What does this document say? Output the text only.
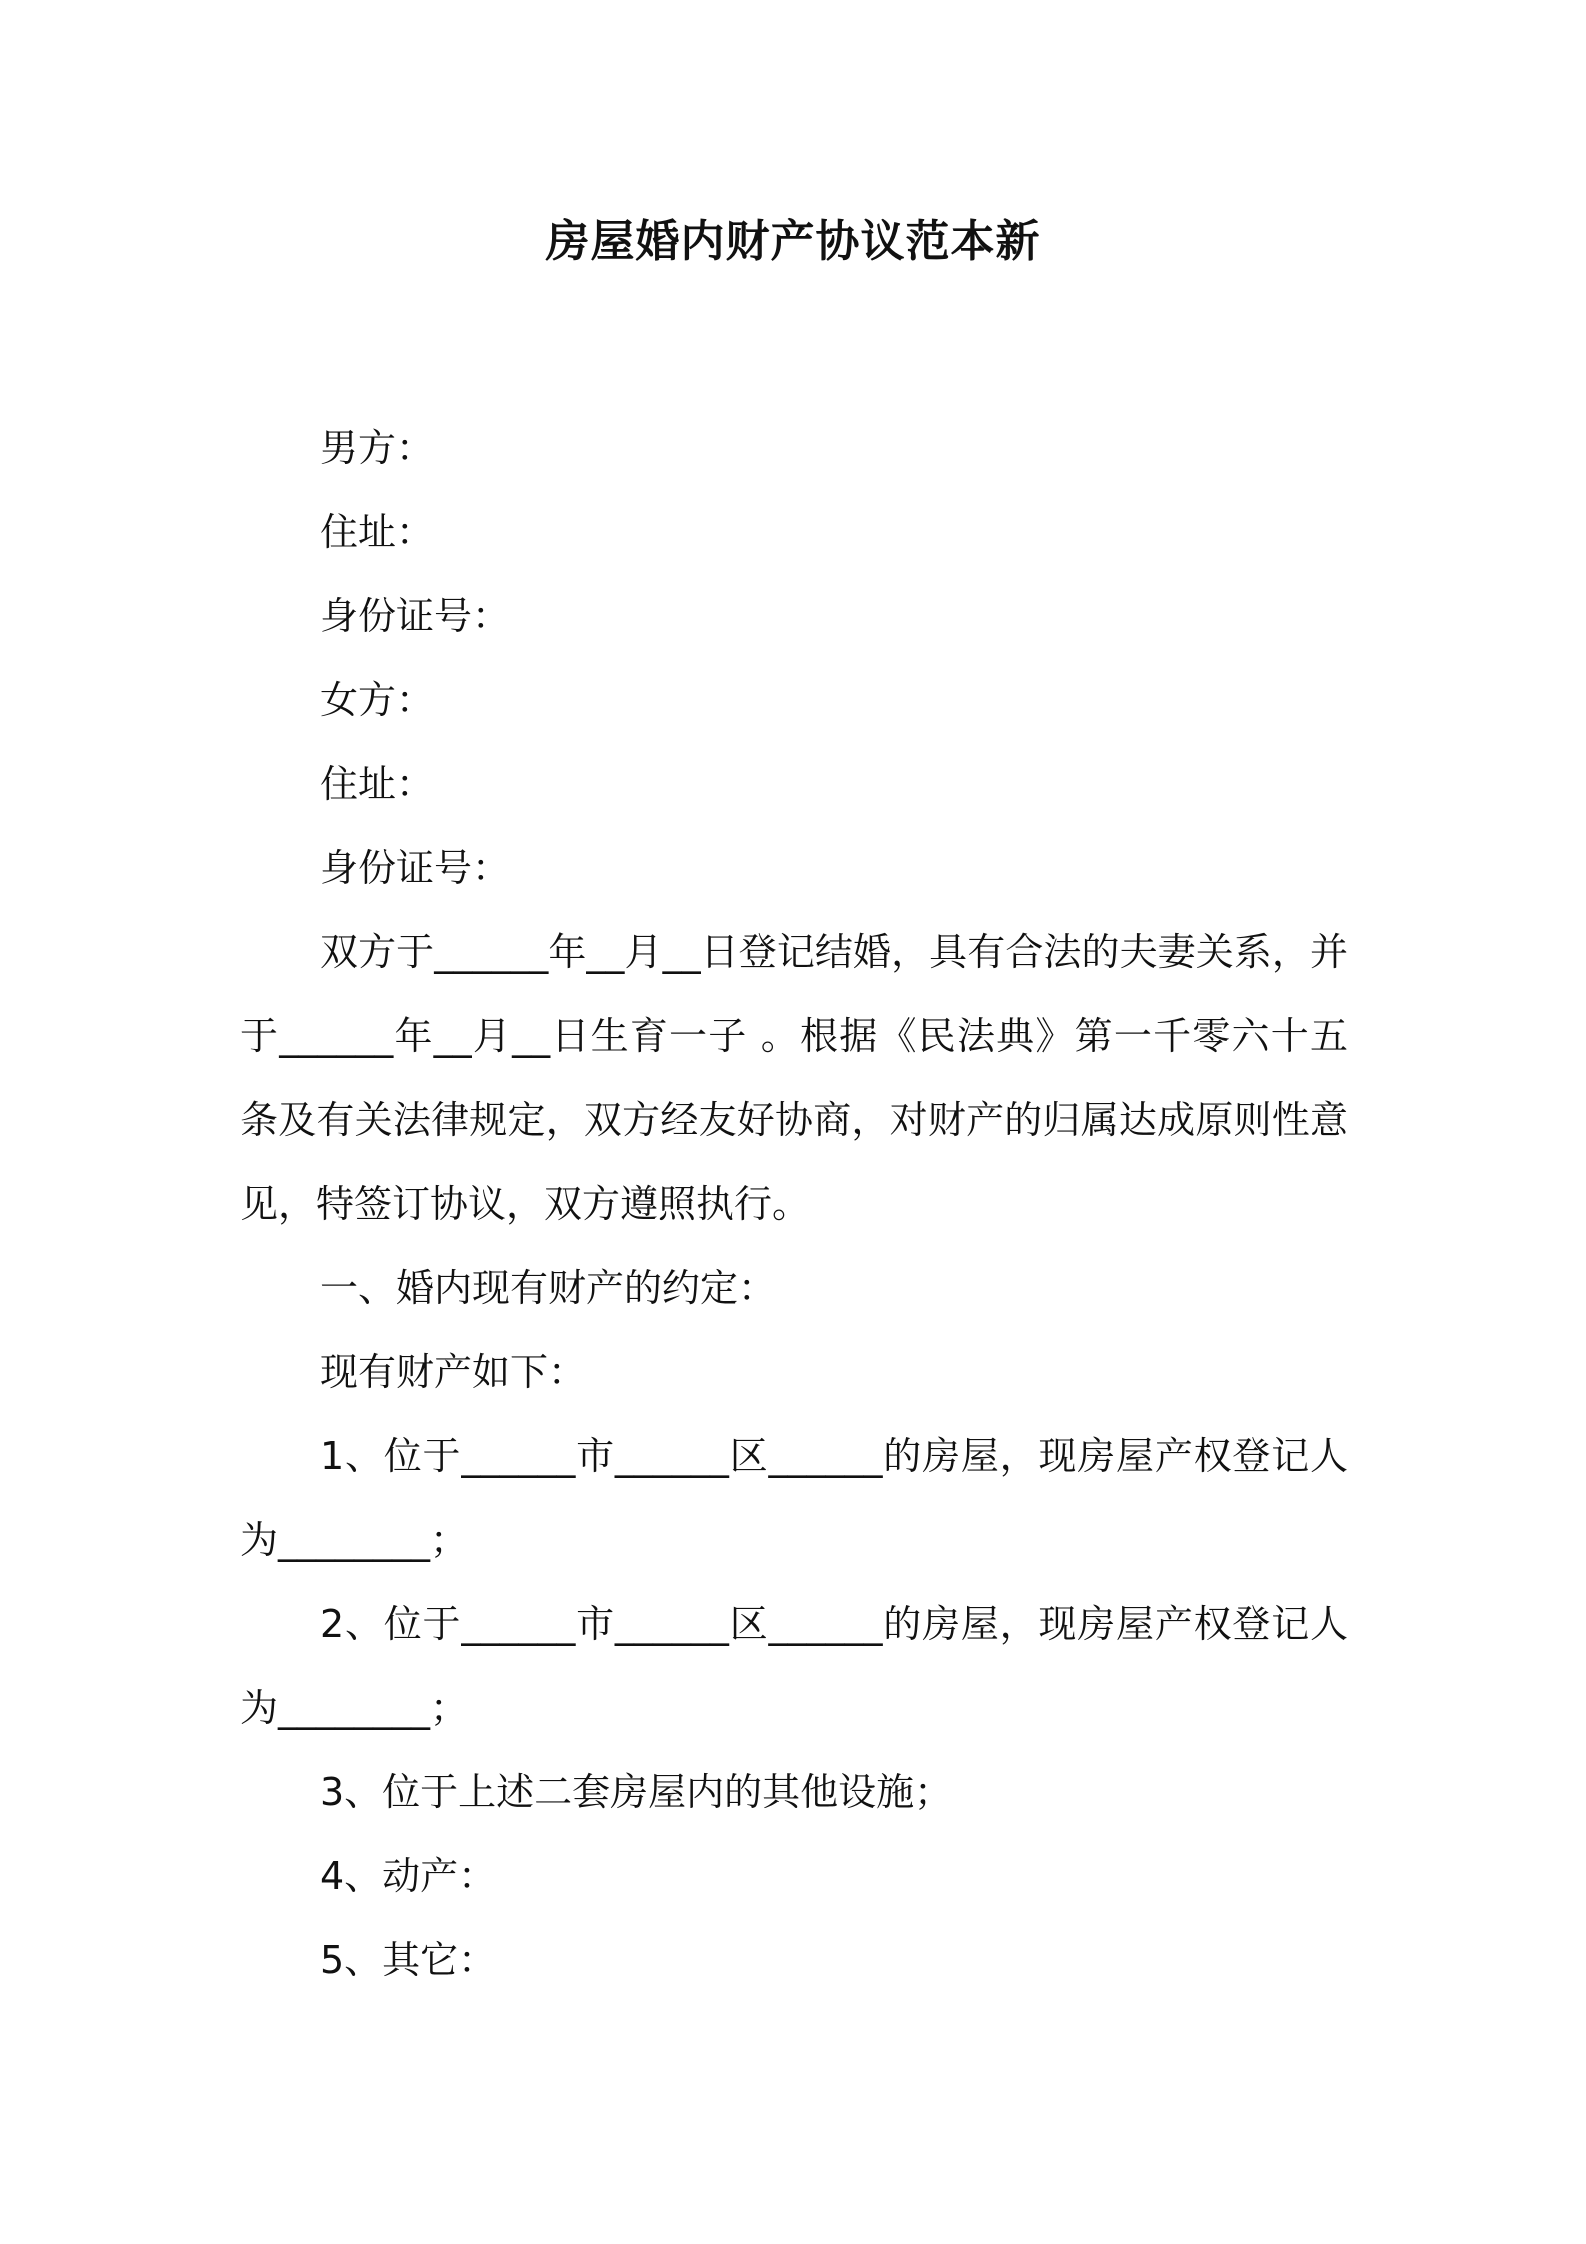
房屋婚内财产协议范本新

男方：

住址：

身份证号：

女方：

住址：

身份证号：

双方于______年__月__日登记结婚，具有合法的夫妻关系，并于______年__月__日生育一子 。根据《民法典》第一千零六十五条及有关法律规定，双方经友好协商，对财产的归属达成原则性意见，特签订协议，双方遵照执行。

一、婚内现有财产的约定：

现有财产如下：

1、位于______市______区______的房屋，现房屋产权登记人为________；

2、位于______市______区______的房屋，现房屋产权登记人为________；

3、位于上述二套房屋内的其他设施；

4、动产：

5、其它：
